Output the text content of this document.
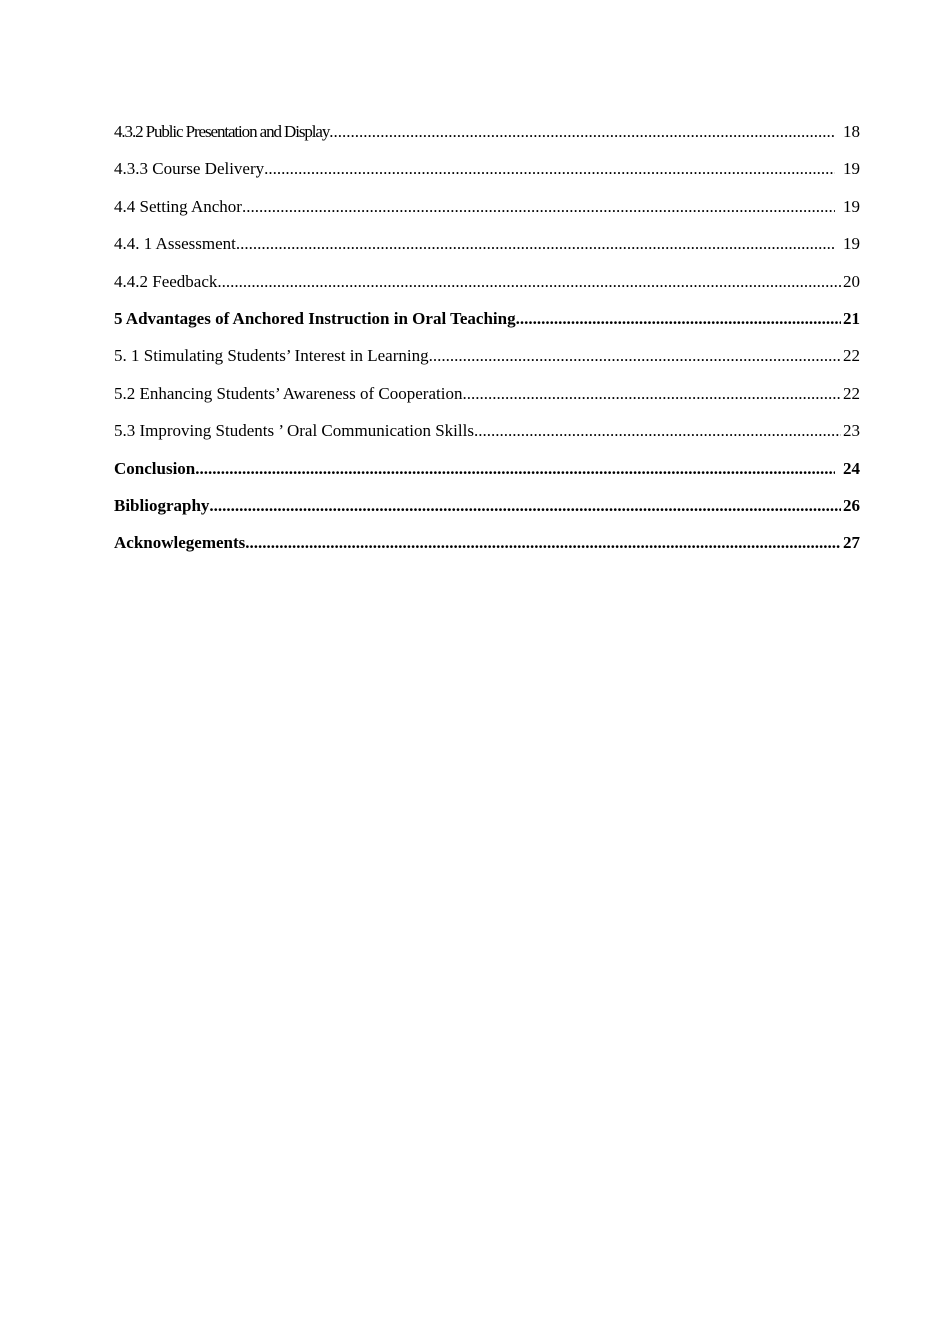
4.3.2 Public Presentation and Display .....	18
4.3.3 Course Delivery .....	19
4.4 Setting Anchor .....	19
4.4. 1 Assessment .....	19
4.4.2 Feedback .....	20
5 Advantages of Anchored Instruction in Oral Teaching .....	21
5. 1 Stimulating Students’ Interest in Learning .....	22
5.2 Enhancing Students’ Awareness of Cooperation .....	22
5.3 Improving Students ’ Oral Communication Skills .....	23
Conclusion .....	24
Bibliography .....	26
Acknowlegements .....	27
